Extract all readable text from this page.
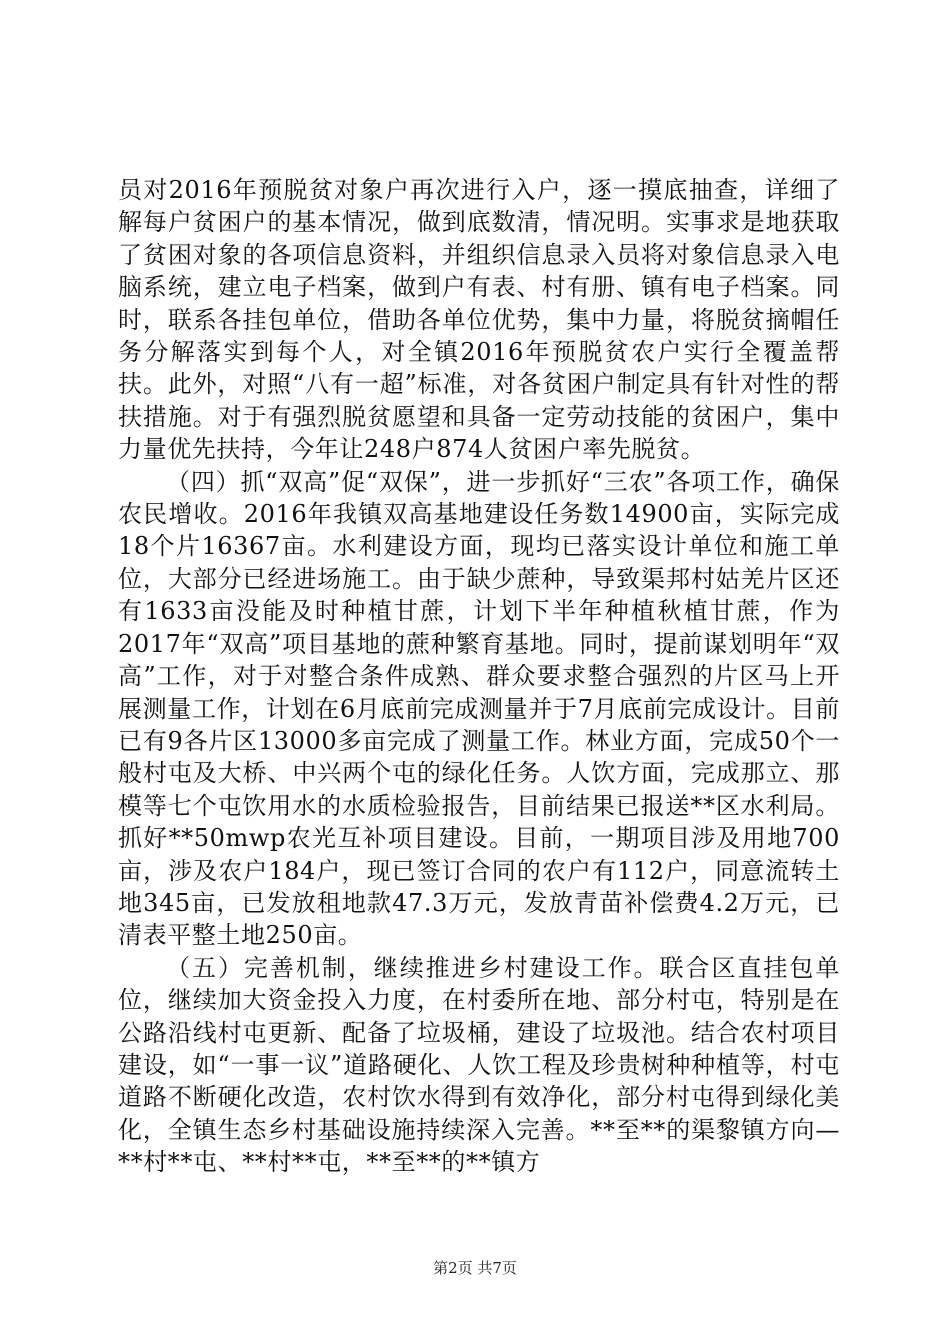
员对2016年预脱贫对象户再次进行入户，逐一摸底抽查，详细了解每户贫困户的基本情况，做到底数清，情况明。实事求是地获取了贫困对象的各项信息资料，并组织信息录入员将对象信息录入电脑系统，建立电子档案，做到户有表、村有册、镇有电子档案。同时，联系各挂包单位，借助各单位优势，集中力量，将脱贫摘帽任务分解落实到每个人，对全镇2016年预脱贫农户实行全覆盖帮扶。此外，对照“八有一超”标准，对各贫困户制定具有针对性的帮扶措施。对于有强烈脱贫愿望和具备一定劳动技能的贫困户，集中力量优先扶持，今年让248户874人贫困户率先脱贫。

（四）抓“双高”促“双保”，进一步抓好“三农”各项工作，确保农民增收。2016年我镇双高基地建设任务数14900亩，实际完成18个片16367亩。水利建设方面，现均已落实设计单位和施工单位，大部分已经进场施工。由于缺少蔗种，导致渠邦村姑羌片区还有1633亩没能及时种植甘蔗，计划下半年种植秋植甘蔗，作为2017年“双高”项目基地的蔗种繁育基地。同时，提前谋划明年“双高”工作，对于对整合条件成熟、群众要求整合强烈的片区马上开展测量工作，计划在6月底前完成测量并于7月底前完成设计。目前已有9各片区13000多亩完成了测量工作。林业方面，完成50个一般村屯及大桥、中兴两个屯的绿化任务。人饮方面，完成那立、那模等七个屯饮用水的水质检验报告，目前结果已报送**区水利局。抓好**50mwp农光互补项目建设。目前，一期项目涉及用地700亩，涉及农户184户，现已签订合同的农户有112户，同意流转土地345亩，已发放租地款47.3万元，发放青苗补偿费4.2万元，已清表平整土地250亩。

（五）完善机制，继续推进乡村建设工作。联合区直挂包单位，继续加大资金投入力度，在村委所在地、部分村屯，特别是在公路沿线村屯更新、配备了垃圾桶，建设了垃圾池。结合农村项目建设，如“一事一议”道路硬化、人饮工程及珍贵树种种植等，村屯道路不断硬化改造，农村饮水得到有效净化，部分村屯得到绿化美化，全镇生态乡村基础设施持续深入完善。**至**的渠黎镇方向—**村**屯、**村**屯，**至**的**镇方

第2页 共7页
